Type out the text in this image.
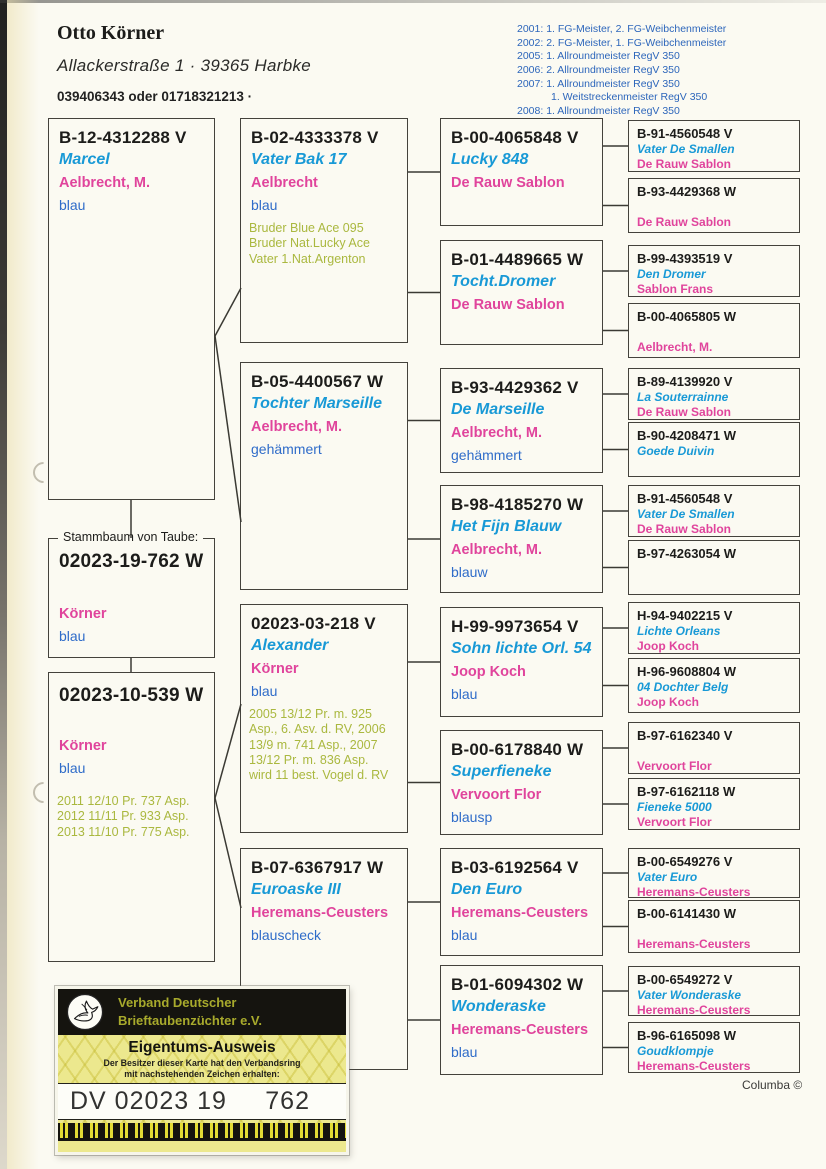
Otto Körner
Allackerstraße 1 · 39365 Harbke
039406343 oder 01718321213 ·
2001: 1. FG-Meister, 2. FG-Weibchenmeister
2002: 2. FG-Meister, 1. FG-Weibchenmeister
2005: 1. Allroundmeister RegV 350
2006: 2. Allroundmeister RegV 350
2007: 1. Allroundmeister RegV 350
1. Weitstreckenmeister RegV 350
2008: 1. Allroundmeister RegV 350
B-12-4312288 V
Marcel
Aelbrecht, M.
blau
Stammbaum von Taube:
02023-19-762 W
Körner
blau
02023-10-539 W
Körner
blau
2011 12/10 Pr. 737 Asp.
2012 11/11 Pr. 933 Asp.
2013 11/10 Pr. 775 Asp.
B-02-4333378 V
Vater Bak 17
Aelbrecht
blau
Bruder Blue Ace 095
Bruder Nat.Lucky Ace
Vater 1.Nat.Argenton
B-05-4400567 W
Tochter Marseille
Aelbrecht, M.
gehämmert
02023-03-218 V
Alexander
Körner
blau
2005 13/12 Pr. m. 925
Asp., 6. Asv. d. RV, 2006
13/9 m. 741 Asp., 2007
13/12 Pr. m. 836 Asp.
wird 11 best. Vogel d. RV
B-07-6367917 W
Euroaske III
Heremans-Ceusters
blauscheck
B-00-4065848 V
Lucky 848
De Rauw Sablon
B-01-4489665 W
Tocht.Dromer
De Rauw Sablon
B-93-4429362 V
De Marseille
Aelbrecht, M.
gehämmert
B-98-4185270 W
Het Fijn Blauw
Aelbrecht, M.
blauw
H-99-9973654 V
Sohn lichte Orl. 54
Joop Koch
blau
B-00-6178840 W
Superfieneke
Vervoort Flor
blausp
B-03-6192564 V
Den Euro
Heremans-Ceusters
blau
B-01-6094302 W
Wonderaske
Heremans-Ceusters
blau
B-91-4560548 V
Vater De Smallen
De Rauw Sablon
B-93-4429368 W
De Rauw Sablon
B-99-4393519 V
Den Dromer
Sablon Frans
B-00-4065805 W
Aelbrecht, M.
B-89-4139920 V
La Souterrainne
De Rauw Sablon
B-90-4208471 W
Goede Duivin
B-91-4560548 V
Vater De Smallen
De Rauw Sablon
B-97-4263054 W
H-94-9402215 V
Lichte Orleans
Joop Koch
H-96-9608804 W
04 Dochter Belg
Joop Koch
B-97-6162340 V
Vervoort Flor
B-97-6162118 W
Fieneke 5000
Vervoort Flor
B-00-6549276 V
Vater Euro
Heremans-Ceusters
B-00-6141430 W
Heremans-Ceusters
B-00-6549272 V
Vater Wonderaske
Heremans-Ceusters
B-96-6165098 W
Goudklompje
Heremans-Ceusters
Verband Deutscher
Brieftaubenzüchter e.V.
Eigentums-Ausweis
Der Besitzer dieser Karte hat den Verbandsring
mit nachstehenden Zeichen erhalten:
DV 02023 19 762
Columba ©
